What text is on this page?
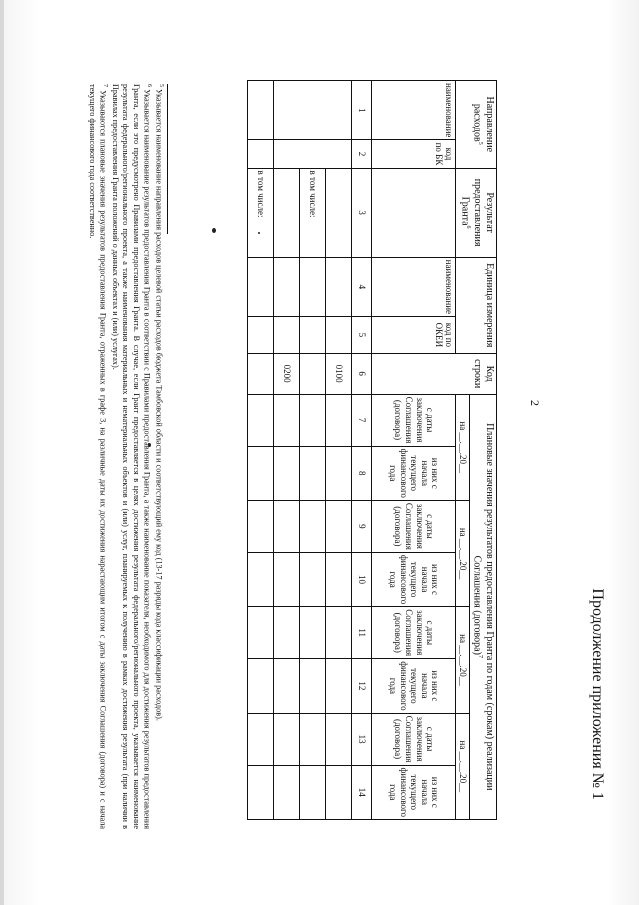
Продолжение приложения № 1
2
Направление расходов$^5$		Результат предоставления Гранта$^6$	Единица измерения		Код строки	Плановые значения результатов предоставления Гранта по годам (срокам) реализации Соглашения (договора)$^7$
						на __.__.20__		на __.__.20__		на __.__.20__		на __.__.20__	
наименование	код по БК		наименование	код по ОКЕИ		с даты заключения Соглашения (договора)	из них с начала текущего финансового года	с даты заключения Соглашения (договора)	из них с начала текущего финансового года	с даты заключения Соглашения (договора)	из них с начала текущего финансового года	с даты заключения Соглашения (договора)	из них с начала текущего финансового года
1	2	3	4	5	6	7	8	9	10	11	12	13	14
					0100								
		в том числе:											
					0200								
		в том числе:											

$^5$ Указывается наименование направления расходов целевой статьи расходов бюджета Тамбовской области и соответствующий ему код (13-17 разряды кода классификации расходов).

$^6$ Указывается наименование результатов предоставления Гранта в соответствии с Правилами предоставления Гранта, а также наименование показателя, необходимого для достижения результатов предоставления Гранта, если это предусмотрено Правилами предоставления Гранта. В случае, если Грант предоставляется в целях достижения результата федерального/регионального проекта, указывается наименование результата федерального/регионального проекта, а также наименования материальных и нематериальных объектов и (или) услуг, планируемых к получению в рамках достижения результата (при наличии в Правилах предоставления Гранта положений о данных объектах и (или) услугах).

$^7$ Указываются плановые значения результатов предоставления Гранта, отраженных в графе 3, на различные даты их достижения нарастающим итогом с даты заключения Соглашения (договора) и с начала текущего финансового года соответственно.
